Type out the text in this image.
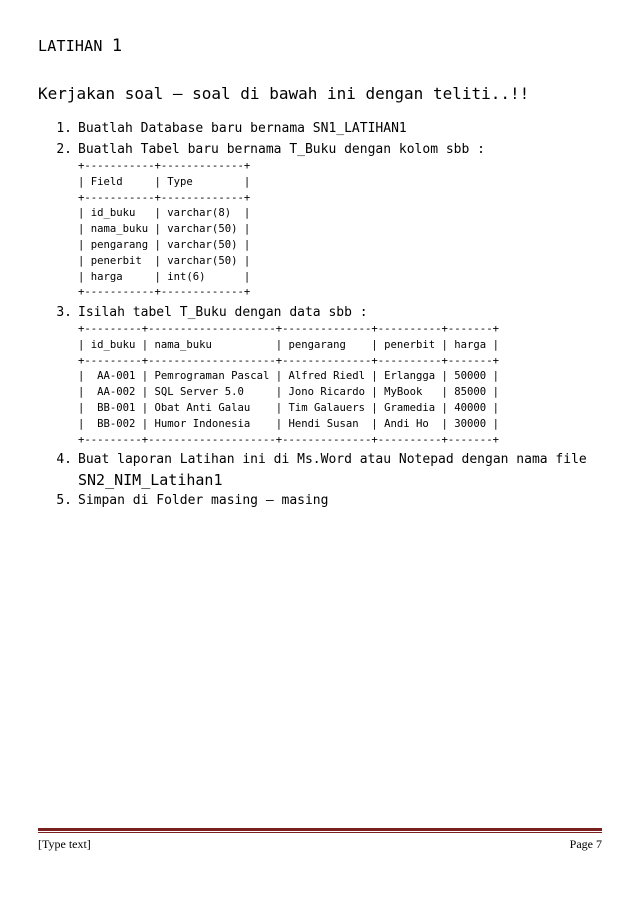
LATIHAN 1
Kerjakan soal – soal di bawah ini dengan teliti..!!
1. Buatlah Database baru bernama SN1_LATIHAN1
2. Buatlah Tabel baru bernama T_Buku dengan kolom sbb :
3. Isilah tabel T_Buku dengan data sbb :
4. Buat laporan Latihan ini di Ms.Word atau Notepad dengan nama file
5. Simpan di Folder masing – masing
SN2_NIM_Latihan1
+-----------+-------------+
| Field     | Type        |
+-----------+-------------+
| id_buku   | varchar(8)  |
| nama_buku | varchar(50) |
| pengarang | varchar(50) |
| penerbit  | varchar(50) |
| harga     | int(6)      |
+-----------+-------------+
+---------+--------------------+--------------+----------+-------+
| id_buku | nama_buku          | pengarang    | penerbit | harga |
+---------+--------------------+--------------+----------+-------+
|  AA-001 | Pemrograman Pascal | Alfred Riedl | Erlangga | 50000 |
|  AA-002 | SQL Server 5.0     | Jono Ricardo | MyBook   | 85000 |
|  BB-001 | Obat Anti Galau    | Tim Galauers | Gramedia | 40000 |
|  BB-002 | Humor Indonesia    | Hendi Susan  | Andi Ho  | 30000 |
+---------+--------------------+--------------+----------+-------+
[Type text]	Page 7
